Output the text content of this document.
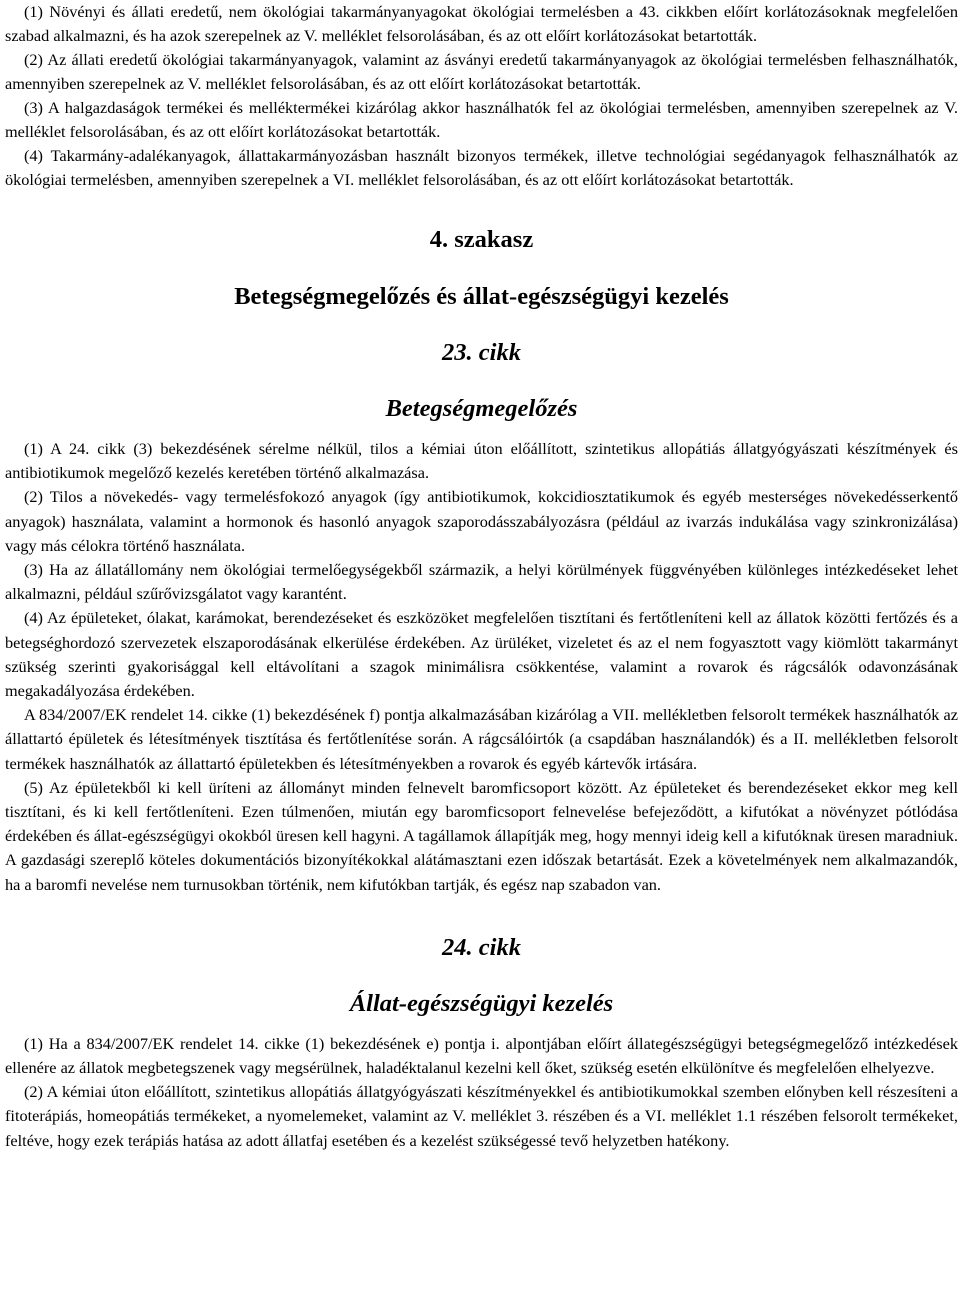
(1) Növényi és állati eredetű, nem ökológiai takarmányanyagokat ökológiai termelésben a 43. cikkben előírt korlátozásoknak megfelelően szabad alkalmazni, és ha azok szerepelnek az V. melléklet felsorolásában, és az ott előírt korlátozásokat betartották.

(2) Az állati eredetű ökológiai takarmányanyagok, valamint az ásványi eredetű takarmányanyagok az ökológiai termelésben felhasználhatók, amennyiben szerepelnek az V. melléklet felsorolásában, és az ott előírt korlátozásokat betartották.

(3) A halgazdaságok termékei és melléktermékei kizárólag akkor használhatók fel az ökológiai termelésben, amennyiben szerepelnek az V. melléklet felsorolásában, és az ott előírt korlátozásokat betartották.

(4) Takarmány-adalékanyagok, állattakarmányozásban használt bizonyos termékek, illetve technológiai segédanyagok felhasználhatók az ökológiai termelésben, amennyiben szerepelnek a VI. melléklet felsorolásában, és az ott előírt korlátozásokat betartották.

4. szakasz
Betegségmegelőzés és állat-egészségügyi kezelés
23. cikk
Betegségmegelőzés

(1) A 24. cikk (3) bekezdésének sérelme nélkül, tilos a kémiai úton előállított, szintetikus allopátiás állatgyógyászati készítmények és antibiotikumok megelőző kezelés keretében történő alkalmazása.

(2) Tilos a növekedés- vagy termelésfokozó anyagok (így antibiotikumok, kokcidiosztatikumok és egyéb mesterséges növekedésserkentő anyagok) használata, valamint a hormonok és hasonló anyagok szaporodásszabályozásra (például az ivarzás indukálása vagy szinkronizálása) vagy más célokra történő használata.

(3) Ha az állatállomány nem ökológiai termelőegységekből származik, a helyi körülmények függvényében különleges intézkedéseket lehet alkalmazni, például szűrővizsgálatot vagy karantént.

(4) Az épületeket, ólakat, karámokat, berendezéseket és eszközöket megfelelően tisztítani és fertőtleníteni kell az állatok közötti fertőzés és a betegséghordozó szervezetek elszaporodásának elkerülése érdekében. Az ürüléket, vizeletet és az el nem fogyasztott vagy kiömlött takarmányt szükség szerinti gyakorisággal kell eltávolítani a szagok minimálisra csökkentése, valamint a rovarok és rágcsálók odavonzásának megakadályozása érdekében.

A 834/2007/EK rendelet 14. cikke (1) bekezdésének f) pontja alkalmazásában kizárólag a VII. mellékletben felsorolt termékek használhatók az állattartó épületek és létesítmények tisztítása és fertőtlenítése során. A rágcsálóirtók (a csapdában használandók) és a II. mellékletben felsorolt termékek használhatók az állattartó épületekben és létesítményekben a rovarok és egyéb kártevők irtására.

(5) Az épületekből ki kell üríteni az állományt minden felnevelt baromficsoport között. Az épületeket és berendezéseket ekkor meg kell tisztítani, és ki kell fertőtleníteni. Ezen túlmenően, miután egy baromficsoport felnevelése befejeződött, a kifutókat a növényzet pótlódása érdekében és állat-egészségügyi okokból üresen kell hagyni. A tagállamok állapítják meg, hogy mennyi ideig kell a kifutóknak üresen maradniuk. A gazdasági szereplő köteles dokumentációs bizonyítékokkal alátámasztani ezen időszak betartását. Ezek a követelmények nem alkalmazandók, ha a baromfi nevelése nem turnusokban történik, nem kifutókban tartják, és egész nap szabadon van.

24. cikk
Állat-egészségügyi kezelés

(1) Ha a 834/2007/EK rendelet 14. cikke (1) bekezdésének e) pontja i. alpontjában előírt állategészségügyi betegségmegelőző intézkedések ellenére az állatok megbetegszenek vagy megsérülnek, haladéktalanul kezelni kell őket, szükség esetén elkülönítve és megfelelően elhelyezve.

(2) A kémiai úton előállított, szintetikus allopátiás állatgyógyászati készítményekkel és antibiotikumokkal szemben előnyben kell részesíteni a fitoterápiás, homeopátiás termékeket, a nyomelemeket, valamint az V. melléklet 3. részében és a VI. melléklet 1.1 részében felsorolt termékeket, feltéve, hogy ezek terápiás hatása az adott állatfaj esetében és a kezelést szükségessé tevő helyzetben hatékony.
